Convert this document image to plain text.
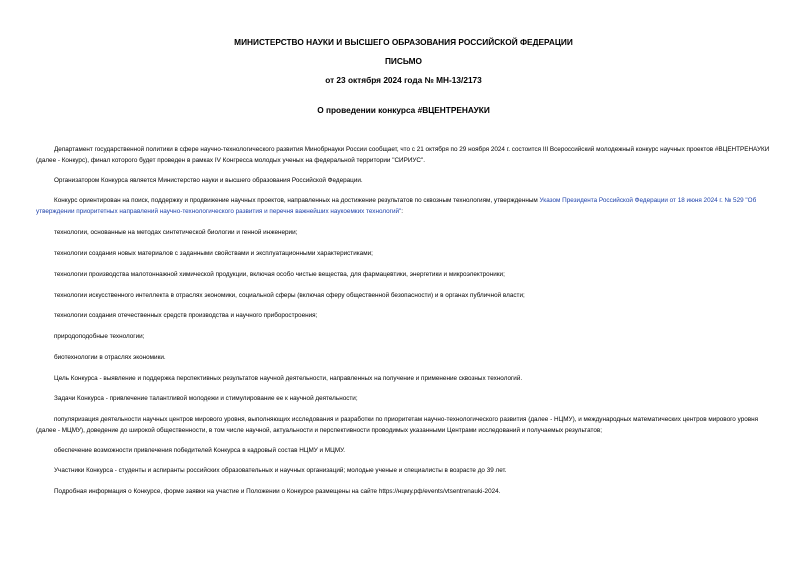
МИНИСТЕРСТВО НАУКИ И ВЫСШЕГО ОБРАЗОВАНИЯ РОССИЙСКОЙ ФЕДЕРАЦИИ
ПИСЬМО
от 23 октября 2024 года № МН-13/2173
О проведении конкурса #ВЦЕНТРЕНАУКИ

Департамент государственной политики в сфере научно-технологического развития Минобрнауки России сообщает, что с 21 октября по 29 ноября 2024 г. состоится III Всероссийский молодежный конкурс научных проектов #ВЦЕНТРЕНАУКИ (далее - Конкурс), финал которого будет проведен в рамках IV Конгресса молодых ученых на федеральной территории "СИРИУС".

Организатором Конкурса является Министерство науки и высшего образования Российской Федерации.

Конкурс ориентирован на поиск, поддержку и продвижение научных проектов, направленных на достижение результатов по сквозным технологиям, утвержденным Указом Президента Российской Федерации от 18 июня 2024 г. № 529 "Об утверждении приоритетных направлений научно-технологического развития и перечня важнейших наукоемких технологий":

технологии, основанные на методах синтетической биологии и генной инженерии;

технологии создания новых материалов с заданными свойствами и эксплуатационными характеристиками;

технологии производства малотоннажной химической продукции, включая особо чистые вещества, для фармацевтики, энергетики и микроэлектроники;

технологии искусственного интеллекта в отраслях экономики, социальной сферы (включая сферу общественной безопасности) и в органах публичной власти;

технологии создания отечественных средств производства и научного приборостроения;

природоподобные технологии;

биотехнологии в отраслях экономики.

Цель Конкурса - выявление и поддержка перспективных результатов научной деятельности, направленных на получение и применение сквозных технологий.

Задачи Конкурса - привлечение талантливой молодежи и стимулирование ее к научной деятельности;

популяризация деятельности научных центров мирового уровня, выполняющих исследования и разработки по приоритетам научно-технологического развития (далее - НЦМУ), и международных математических центров мирового уровня (далее - МЦМУ), доведение до широкой общественности, в том числе научной, актуальности и перспективности проводимых указанными Центрами исследований и получаемых результатов;

обеспечение возможности привлечения победителей Конкурса в кадровый состав НЦМУ и МЦМУ.

Участники Конкурса - студенты и аспиранты российских образовательных и научных организаций; молодые ученые и специалисты в возрасте до 39 лет.

Подробная информация о Конкурсе, форме заявки на участие и Положении о Конкурсе размещены на сайте https://нцму.рф/events/vtsentrenauki-2024.
